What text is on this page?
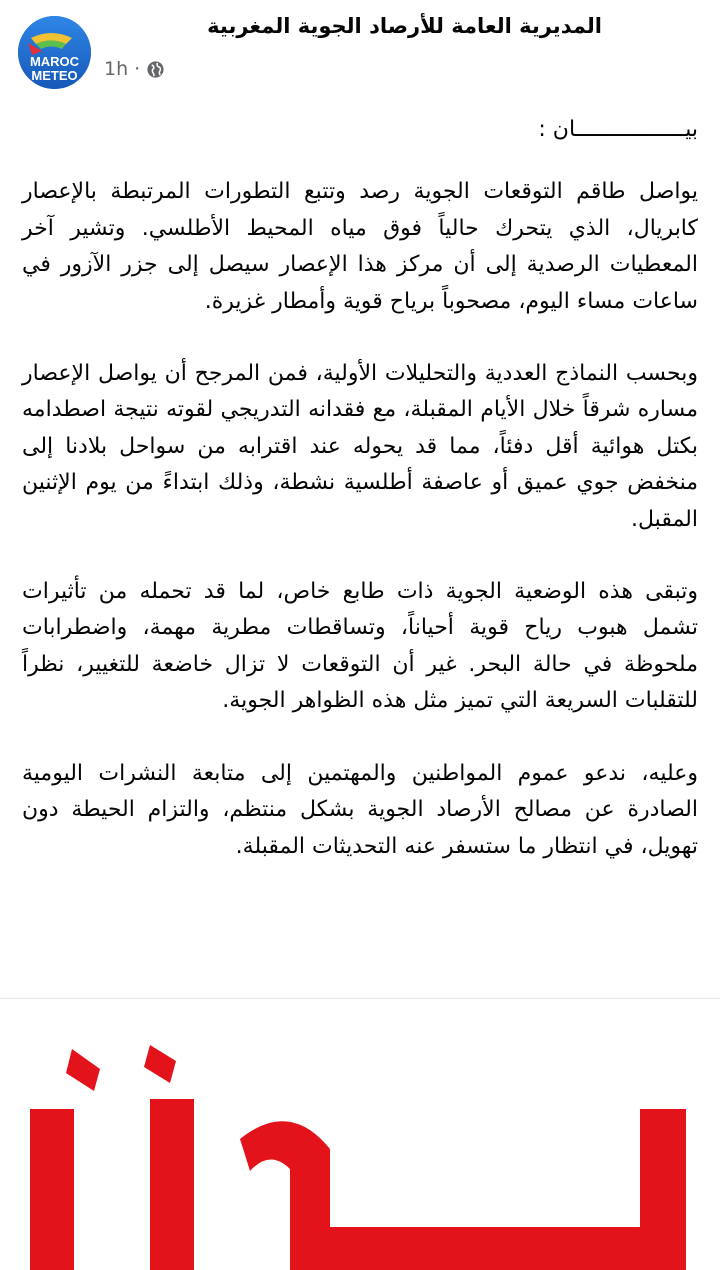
المديرية العامة للأرصاد الجوية المغربية
1h ·
MAROC METEO

بيـــــــــــــــــان :

يواصل طاقم التوقعات الجوية رصد وتتبع التطورات المرتبطة بالإعصار كابريال، الذي يتحرك حالياً فوق مياه المحيط الأطلسي. وتشير آخر المعطيات الرصدية إلى أن مركز هذا الإعصار سيصل إلى جزر الآزور في ساعات مساء اليوم، مصحوباً برياح قوية وأمطار غزيرة.

وبحسب النماذج العددية والتحليلات الأولية، فمن المرجح أن يواصل الإعصار مساره شرقاً خلال الأيام المقبلة، مع فقدانه التدريجي لقوته نتيجة اصطدامه بكتل هوائية أقل دفئاً، مما قد يحوله عند اقترابه من سواحل بلادنا إلى منخفض جوي عميق أو عاصفة أطلسية نشطة، وذلك ابتداءً من يوم الإثنين المقبل.

وتبقى هذه الوضعية الجوية ذات طابع خاص، لما قد تحمله من تأثيرات تشمل هبوب رياح قوية أحياناً، وتساقطات مطرية مهمة، واضطرابات ملحوظة في حالة البحر. غير أن التوقعات لا تزال خاضعة للتغيير، نظراً للتقلبات السريعة التي تميز مثل هذه الظواهر الجوية.

وعليه، ندعو عموم المواطنين والمهتمين إلى متابعة النشرات اليومية الصادرة عن مصالح الأرصاد الجوية بشكل منتظم، والتزام الحيطة دون تهويل، في انتظار ما ستسفر عنه التحديثات المقبلة.
